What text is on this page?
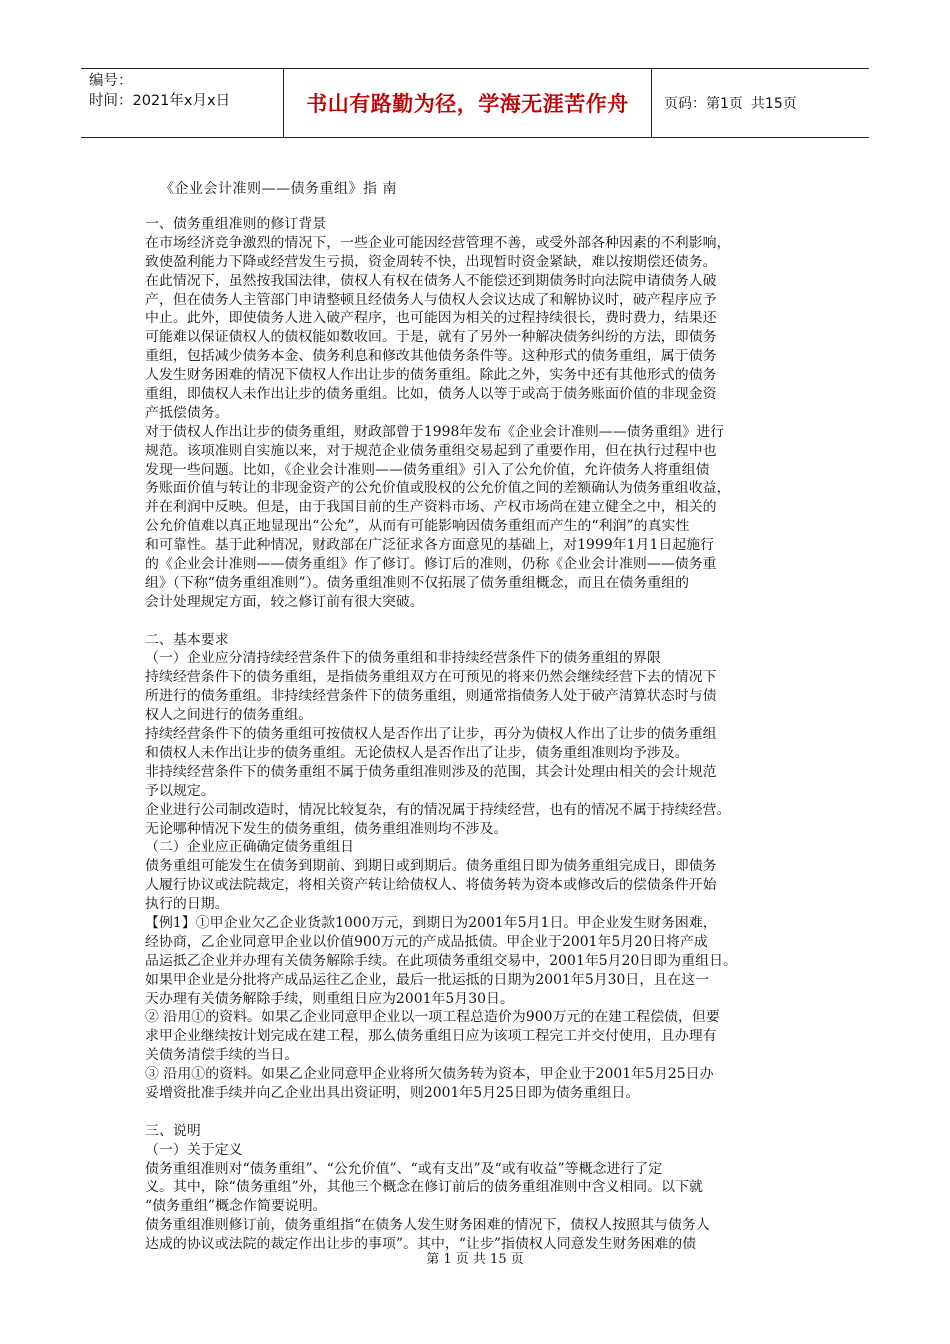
编号：
时间：2021年x月x日	书山有路勤为径，学海无涯苦作舟	页码：第1页 共15页
《企业会计准则——债务重组》指 南
一、债务重组准则的修订背景
在市场经济竞争激烈的情况下，一些企业可能因经营管理不善，或受外部各种因素的不利影响，
致使盈利能力下降或经营发生亏损，资金周转不快，出现暂时资金紧缺，难以按期偿还债务。
在此情况下，虽然按我国法律，债权人有权在债务人不能偿还到期债务时向法院申请债务人破
产，但在债务人主管部门申请整顿且经债务人与债权人会议达成了和解协议时，破产程序应予
中止。此外，即使债务人进入破产程序，也可能因为相关的过程持续很长，费时费力，结果还
可能难以保证债权人的债权能如数收回。于是，就有了另外一种解决债务纠纷的方法，即债务
重组，包括减少债务本金、债务利息和修改其他债务条件等。这种形式的债务重组，属于债务
人发生财务困难的情况下债权人作出让步的债务重组。除此之外，实务中还有其他形式的债务
重组，即债权人未作出让步的债务重组。比如，债务人以等于或高于债务账面价值的非现金资
产抵偿债务。
对于债权人作出让步的债务重组，财政部曾于1998年发布《企业会计准则——债务重组》进行
规范。该项准则自实施以来，对于规范企业债务重组交易起到了重要作用，但在执行过程中也
发现一些问题。比如，《企业会计准则——债务重组》引入了公允价值，允许债务人将重组债
务账面价值与转让的非现金资产的公允价值或股权的公允价值之间的差额确认为债务重组收益，
并在利润中反映。但是，由于我国目前的生产资料市场、产权市场尚在建立健全之中，相关的
公允价值难以真正地显现出“公允”，从而有可能影响因债务重组而产生的“利润”的真实性
和可靠性。基于此种情况，财政部在广泛征求各方面意见的基础上，对1999年1月1日起施行
的《企业会计准则——债务重组》作了修订。修订后的准则，仍称《企业会计准则——债务重
组》（下称“债务重组准则”）。债务重组准则不仅拓展了债务重组概念，而且在债务重组的
会计处理规定方面，较之修订前有很大突破。
二、基本要求
（一）企业应分清持续经营条件下的债务重组和非持续经营条件下的债务重组的界限
持续经营条件下的债务重组，是指债务重组双方在可预见的将来仍然会继续经营下去的情况下
所进行的债务重组。非持续经营条件下的债务重组，则通常指债务人处于破产清算状态时与债
权人之间进行的债务重组。
持续经营条件下的债务重组可按债权人是否作出了让步，再分为债权人作出了让步的债务重组
和债权人未作出让步的债务重组。无论债权人是否作出了让步，债务重组准则均予涉及。
非持续经营条件下的债务重组不属于债务重组准则涉及的范围，其会计处理由相关的会计规范
予以规定。
企业进行公司制改造时，情况比较复杂，有的情况属于持续经营，也有的情况不属于持续经营。
无论哪种情况下发生的债务重组，债务重组准则均不涉及。
（二）企业应正确确定债务重组日
债务重组可能发生在债务到期前、到期日或到期后。债务重组日即为债务重组完成日，即债务
人履行协议或法院裁定，将相关资产转让给债权人、将债务转为资本或修改后的偿债条件开始
执行的日期。
【例1】①甲企业欠乙企业货款1000万元，到期日为2001年5月1日。甲企业发生财务困难，
经协商，乙企业同意甲企业以价值900万元的产成品抵债。甲企业于2001年5月20日将产成
品运抵乙企业并办理有关债务解除手续。在此项债务重组交易中，2001年5月20日即为重组日。
如果甲企业是分批将产成品运往乙企业，最后一批运抵的日期为2001年5月30日，且在这一
天办理有关债务解除手续，则重组日应为2001年5月30日。
② 沿用①的资料。如果乙企业同意甲企业以一项工程总造价为900万元的在建工程偿债，但要
求甲企业继续按计划完成在建工程，那么债务重组日应为该项工程完工并交付使用，且办理有
关债务清偿手续的当日。
③ 沿用①的资料。如果乙企业同意甲企业将所欠债务转为资本，甲企业于2001年5月25日办
妥增资批准手续并向乙企业出具出资证明，则2001年5月25日即为债务重组日。
三、说明
（一）关于定义
债务重组准则对“债务重组”、“公允价值”、“或有支出”及“或有收益”等概念进行了定
义。其中，除“债务重组”外，其他三个概念在修订前后的债务重组准则中含义相同。以下就
“债务重组”概念作简要说明。
债务重组准则修订前，债务重组指“在债务人发生财务困难的情况下，债权人按照其与债务人
达成的协议或法院的裁定作出让步的事项”。其中，“让步”指债权人同意发生财务困难的债
第 1 页 共 15 页
